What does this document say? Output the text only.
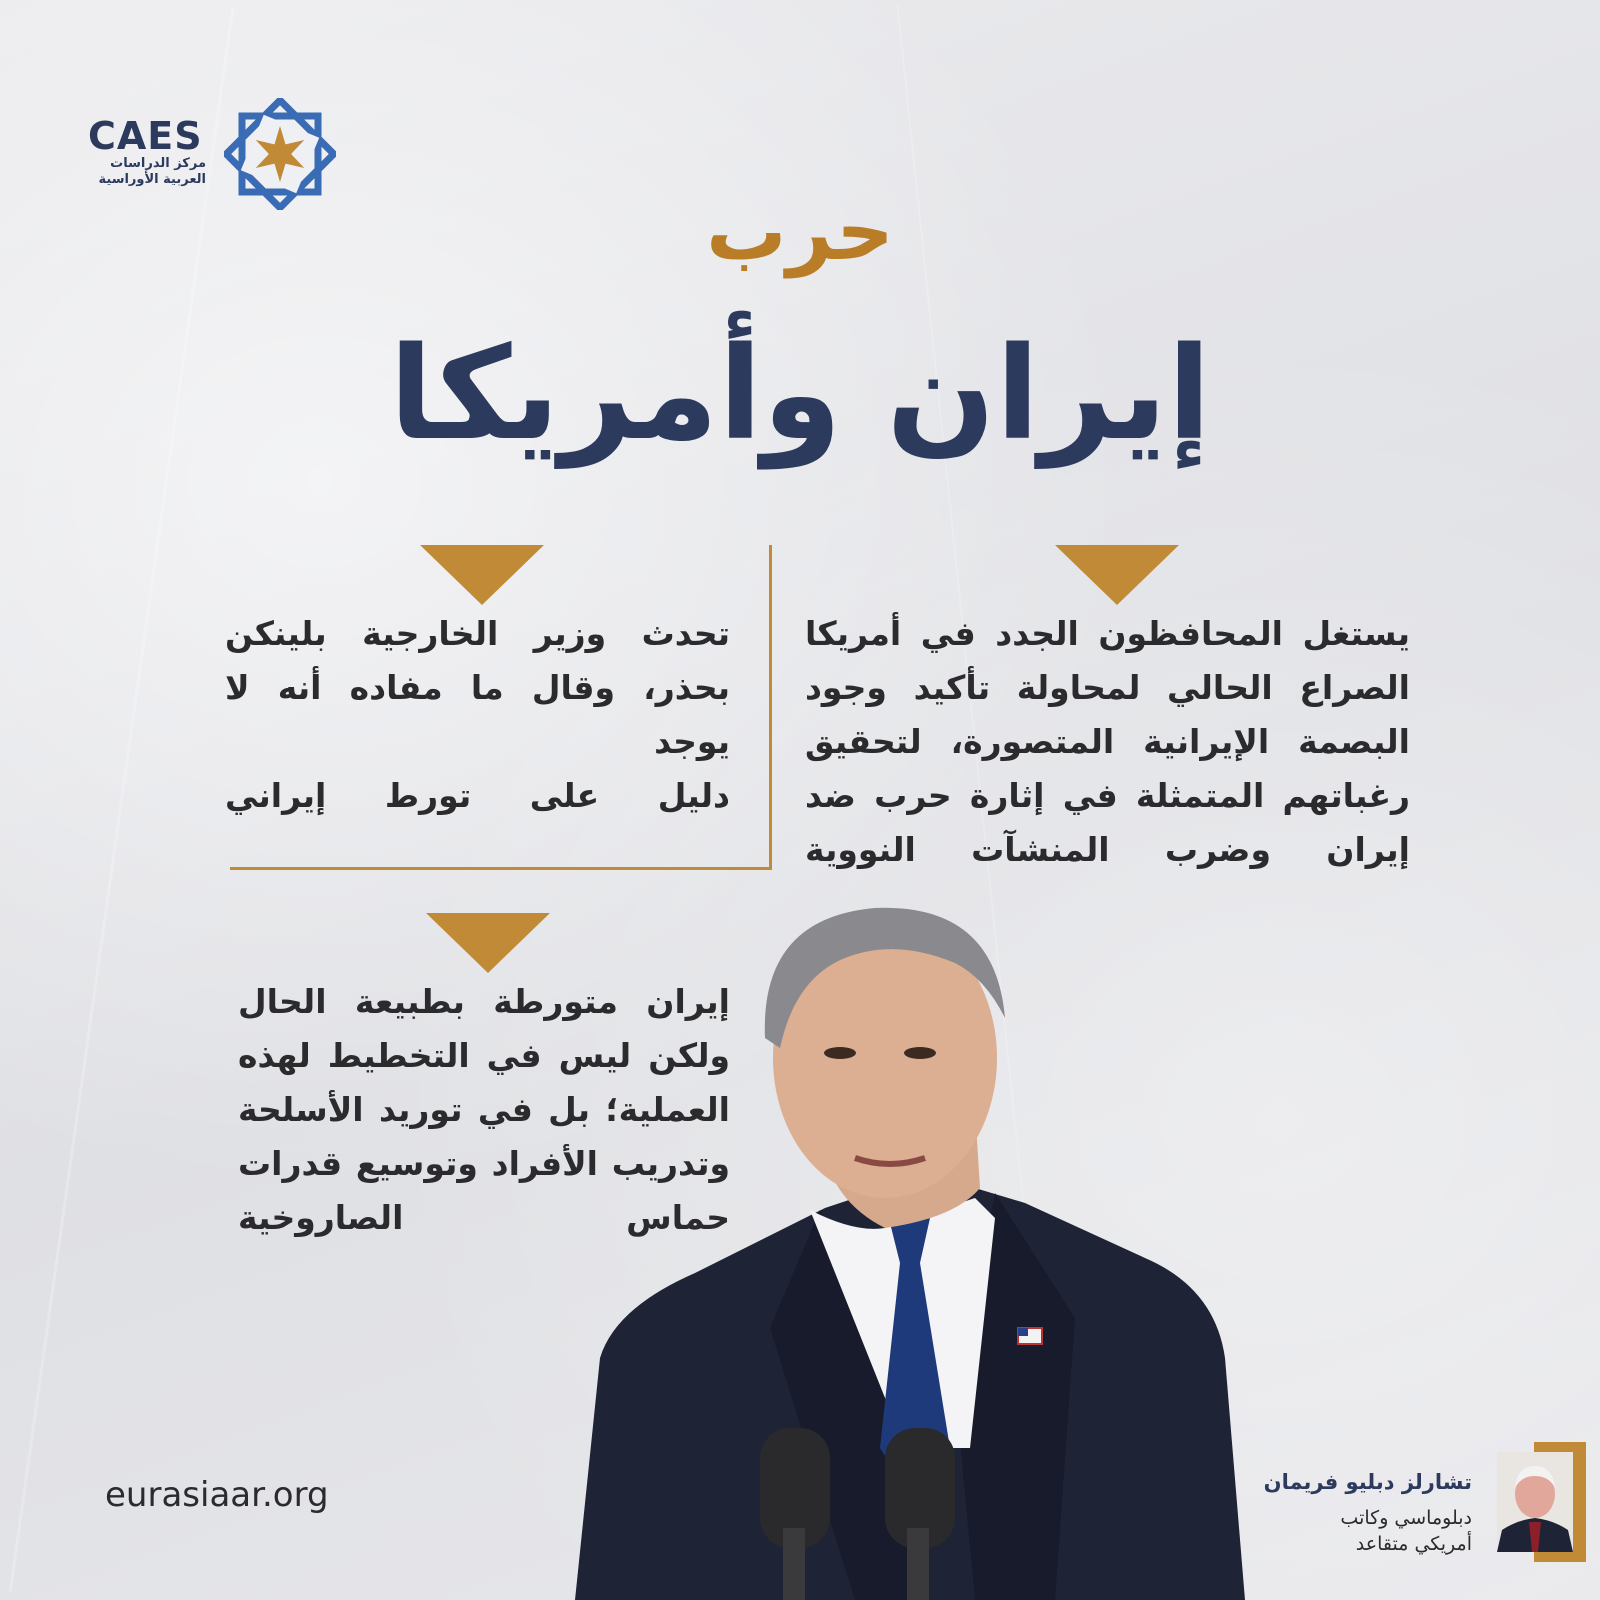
CAES
مركز الدراسات
العربية الأوراسية
حرب
إيران وأمريكا
يستغل المحافظون الجدد في أمريكا
الصراع الحالي لمحاولة تأكيد وجود
البصمة الإيرانية المتصورة، لتحقيق
رغباتهم المتمثلة في إثارة حرب ضد
إيران وضرب المنشآت النووية
تحدث وزير الخارجية بلينكن
بحذر، وقال ما مفاده أنه لا يوجد
دليل على تورط إيراني
إيران متورطة بطبيعة الحال
ولكن ليس في التخطيط لهذه
العملية؛ بل في توريد الأسلحة
وتدريب الأفراد وتوسيع قدرات
حماس الصاروخية
eurasiaar.org	تشارلز دبليو فريمان
دبلوماسي وكاتب
أمريكي متقاعد
